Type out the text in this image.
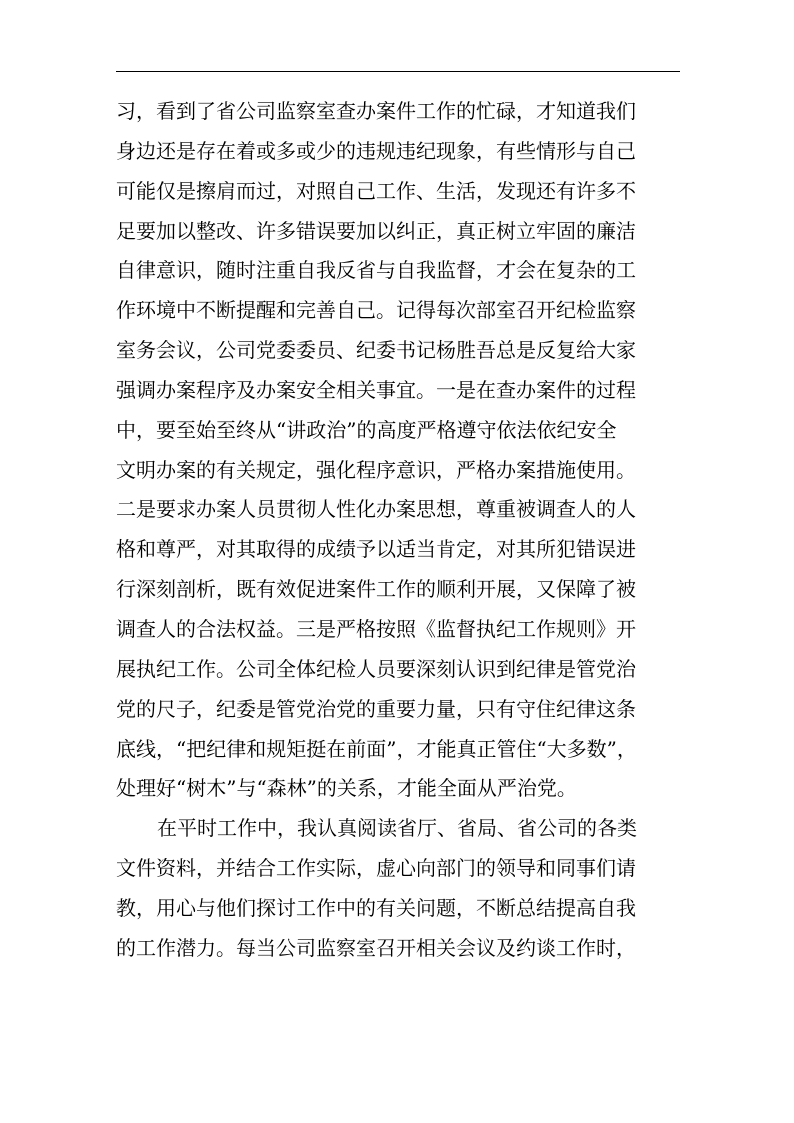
习，看到了省公司监察室查办案件工作的忙碌，才知道我们
身边还是存在着或多或少的违规违纪现象，有些情形与自己
可能仅是擦肩而过，对照自己工作、生活，发现还有许多不
足要加以整改、许多错误要加以纠正，真正树立牢固的廉洁
自律意识，随时注重自我反省与自我监督，才会在复杂的工
作环境中不断提醒和完善自己。记得每次部室召开纪检监察
室务会议，公司党委委员、纪委书记杨胜吾总是反复给大家
强调办案程序及办案安全相关事宜。一是在查办案件的过程
中，要至始至终从“讲政治”的高度严格遵守依法依纪安全
文明办案的有关规定，强化程序意识，严格办案措施使用。
二是要求办案人员贯彻人性化办案思想，尊重被调查人的人
格和尊严，对其取得的成绩予以适当肯定，对其所犯错误进
行深刻剖析，既有效促进案件工作的顺利开展，又保障了被
调查人的合法权益。三是严格按照《监督执纪工作规则》开
展执纪工作。公司全体纪检人员要深刻认识到纪律是管党治
党的尺子，纪委是管党治党的重要力量，只有守住纪律这条
底线，“把纪律和规矩挺在前面”，才能真正管住“大多数”，
处理好“树木”与“森林”的关系，才能全面从严治党。
在平时工作中，我认真阅读省厅、省局、省公司的各类
文件资料，并结合工作实际，虚心向部门的领导和同事们请
教，用心与他们探讨工作中的有关问题，不断总结提高自我
的工作潜力。每当公司监察室召开相关会议及约谈工作时，
